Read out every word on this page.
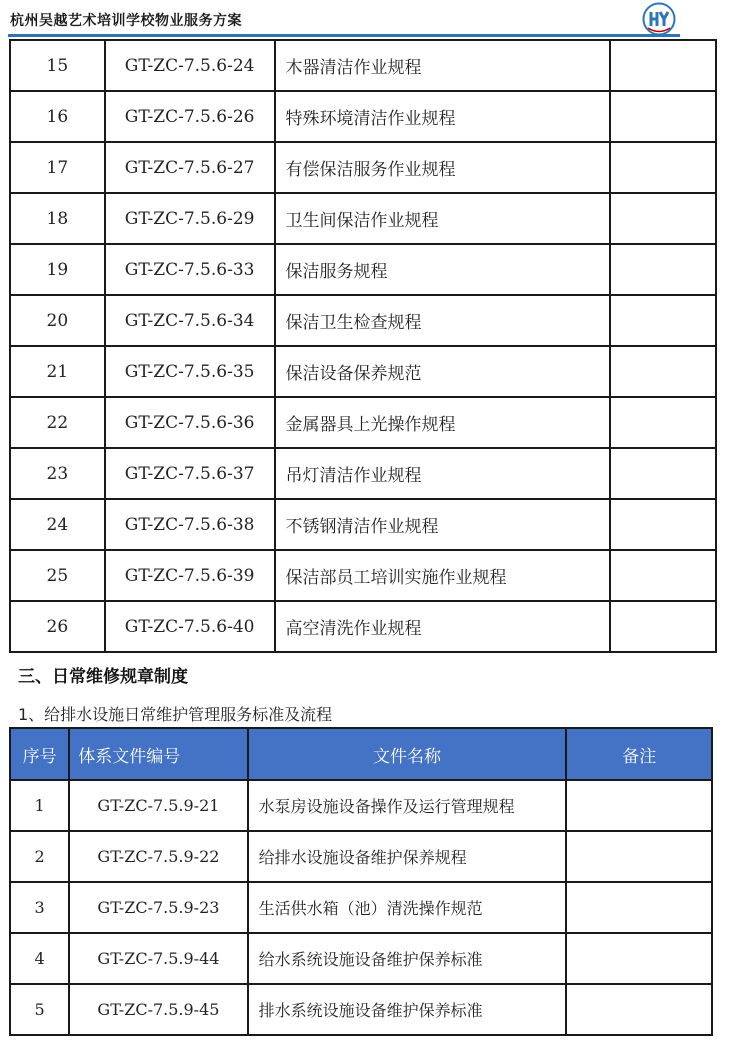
杭州吴越艺术培训学校物业服务方案
15	GT-ZC-7.5.6-24	木器清洁作业规程	
16	GT-ZC-7.5.6-26	特殊环境清洁作业规程	
17	GT-ZC-7.5.6-27	有偿保洁服务作业规程	
18	GT-ZC-7.5.6-29	卫生间保洁作业规程	
19	GT-ZC-7.5.6-33	保洁服务规程	
20	GT-ZC-7.5.6-34	保洁卫生检查规程	
21	GT-ZC-7.5.6-35	保洁设备保养规范	
22	GT-ZC-7.5.6-36	金属器具上光操作规程	
23	GT-ZC-7.5.6-37	吊灯清洁作业规程	
24	GT-ZC-7.5.6-38	不锈钢清洁作业规程	
25	GT-ZC-7.5.6-39	保洁部员工培训实施作业规程	
26	GT-ZC-7.5.6-40	高空清洗作业规程	
三、日常维修规章制度
1、给排水设施日常维护管理服务标准及流程
序号	体系文件编号	文件名称	备注
1	GT-ZC-7.5.9-21	水泵房设施设备操作及运行管理规程	
2	GT-ZC-7.5.9-22	给排水设施设备维护保养规程	
3	GT-ZC-7.5.9-23	生活供水箱（池）清洗操作规范	
4	GT-ZC-7.5.9-44	给水系统设施设备维护保养标准	
5	GT-ZC-7.5.9-45	排水系统设施设备维护保养标准	
